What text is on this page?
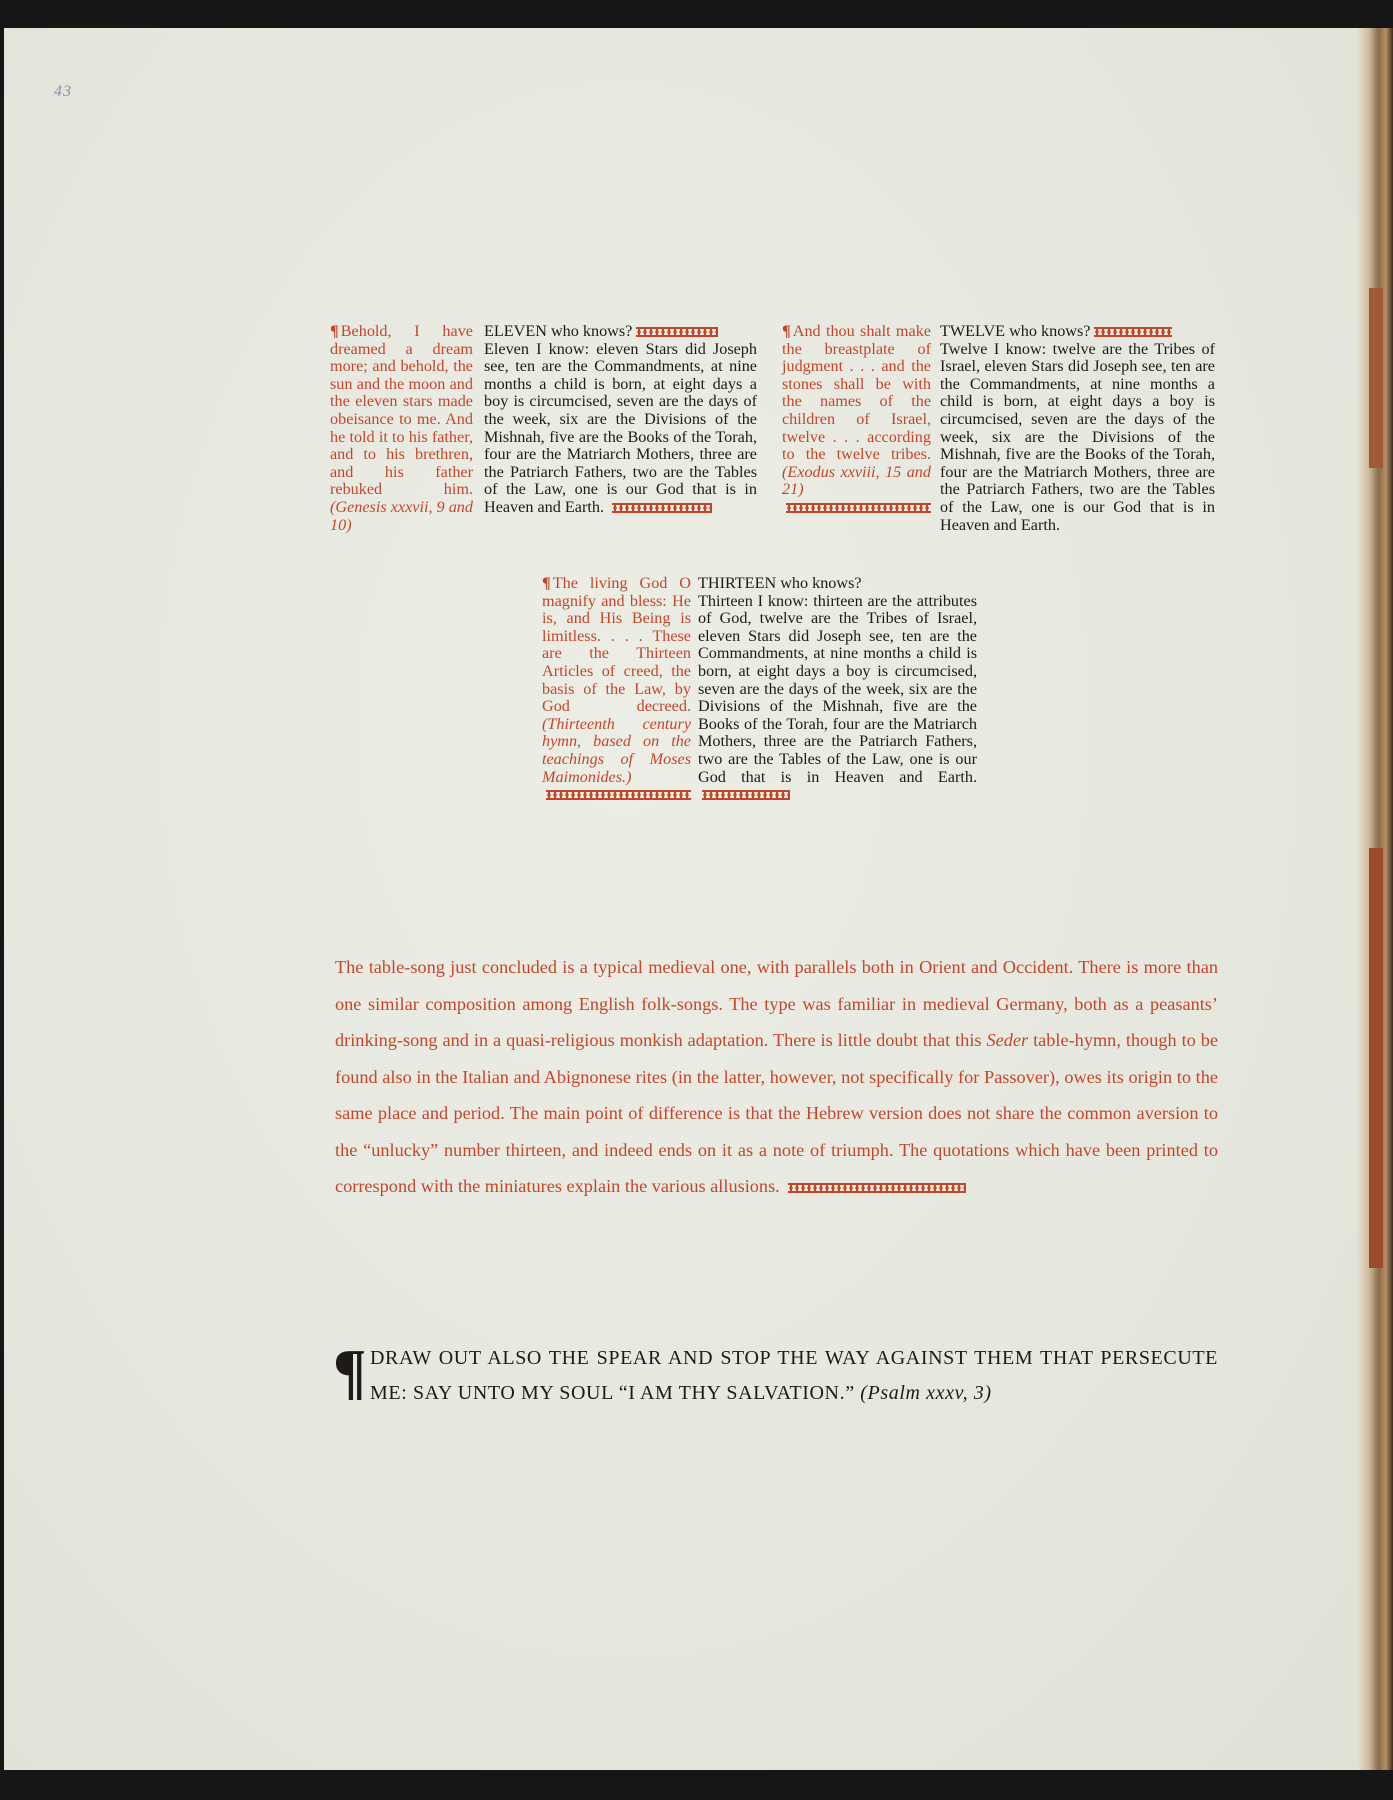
43
¶ Behold, I have dreamed a dream more; and behold, the sun and the moon and the eleven stars made obeisance to me. And he told it to his father, and to his brethren, and his father rebuked him. (Genesis xxxvii, 9 and 10)
ELEVEN who knows?
Eleven I know: eleven Stars did Joseph see, ten are the Commandments, at nine months a child is born, at eight days a boy is circumcised, seven are the days of the week, six are the Divisions of the Mishnah, five are the Books of the Torah, four are the Matriarch Mothers, three are the Patriarch Fathers, two are the Tables of the Law, one is our God that is in Heaven and Earth.
¶ And thou shalt make the breastplate of judgment . . . and the stones shall be with the names of the children of Israel, twelve . . . according to the twelve tribes. (Exodus xxviii, 15 and 21)
TWELVE who knows?
Twelve I know: twelve are the Tribes of Israel, eleven Stars did Joseph see, ten are the Commandments, at nine months a child is born, at eight days a boy is circumcised, seven are the days of the week, six are the Divisions of the Mishnah, five are the Books of the Torah, four are the Matriarch Mothers, three are the Patriarch Fathers, two are the Tables of the Law, one is our God that is in Heaven and Earth.
¶ The living God O magnify and bless: He is, and His Being is limitless. . . . These are the Thirteen Articles of creed, the basis of the Law, by God decreed. (Thirteenth century hymn, based on the teachings of Moses Maimonides.)
THIRTEEN who knows?
Thirteen I know: thirteen are the attributes of God, twelve are the Tribes of Israel, eleven Stars did Joseph see, ten are the Commandments, at nine months a child is born, at eight days a boy is circumcised, seven are the days of the week, six are the Divisions of the Mishnah, five are the Books of the Torah, four are the Matriarch Mothers, three are the Patriarch Fathers, two are the Tables of the Law, one is our God that is in Heaven and Earth.
The table-song just concluded is a typical medieval one, with parallels both in Orient and Occident. There is more than one similar composition among English folk-songs. The type was familiar in medieval Germany, both as a peasants’ drinking-song and in a quasi-religious monkish adaptation. There is little doubt that this Seder table-hymn, though to be found also in the Italian and Abignonese rites (in the latter, however, not specifically for Passover), owes its origin to the same place and period. The main point of difference is that the Hebrew version does not share the common aversion to the “unlucky” number thirteen, and indeed ends on it as a note of triumph. The quotations which have been printed to correspond with the miniatures explain the various allusions.
¶ DRAW OUT ALSO THE SPEAR AND STOP THE WAY AGAINST THEM THAT PERSECUTE ME: SAY UNTO MY SOUL “I AM THY SALVATION.” (Psalm xxxv, 3)
